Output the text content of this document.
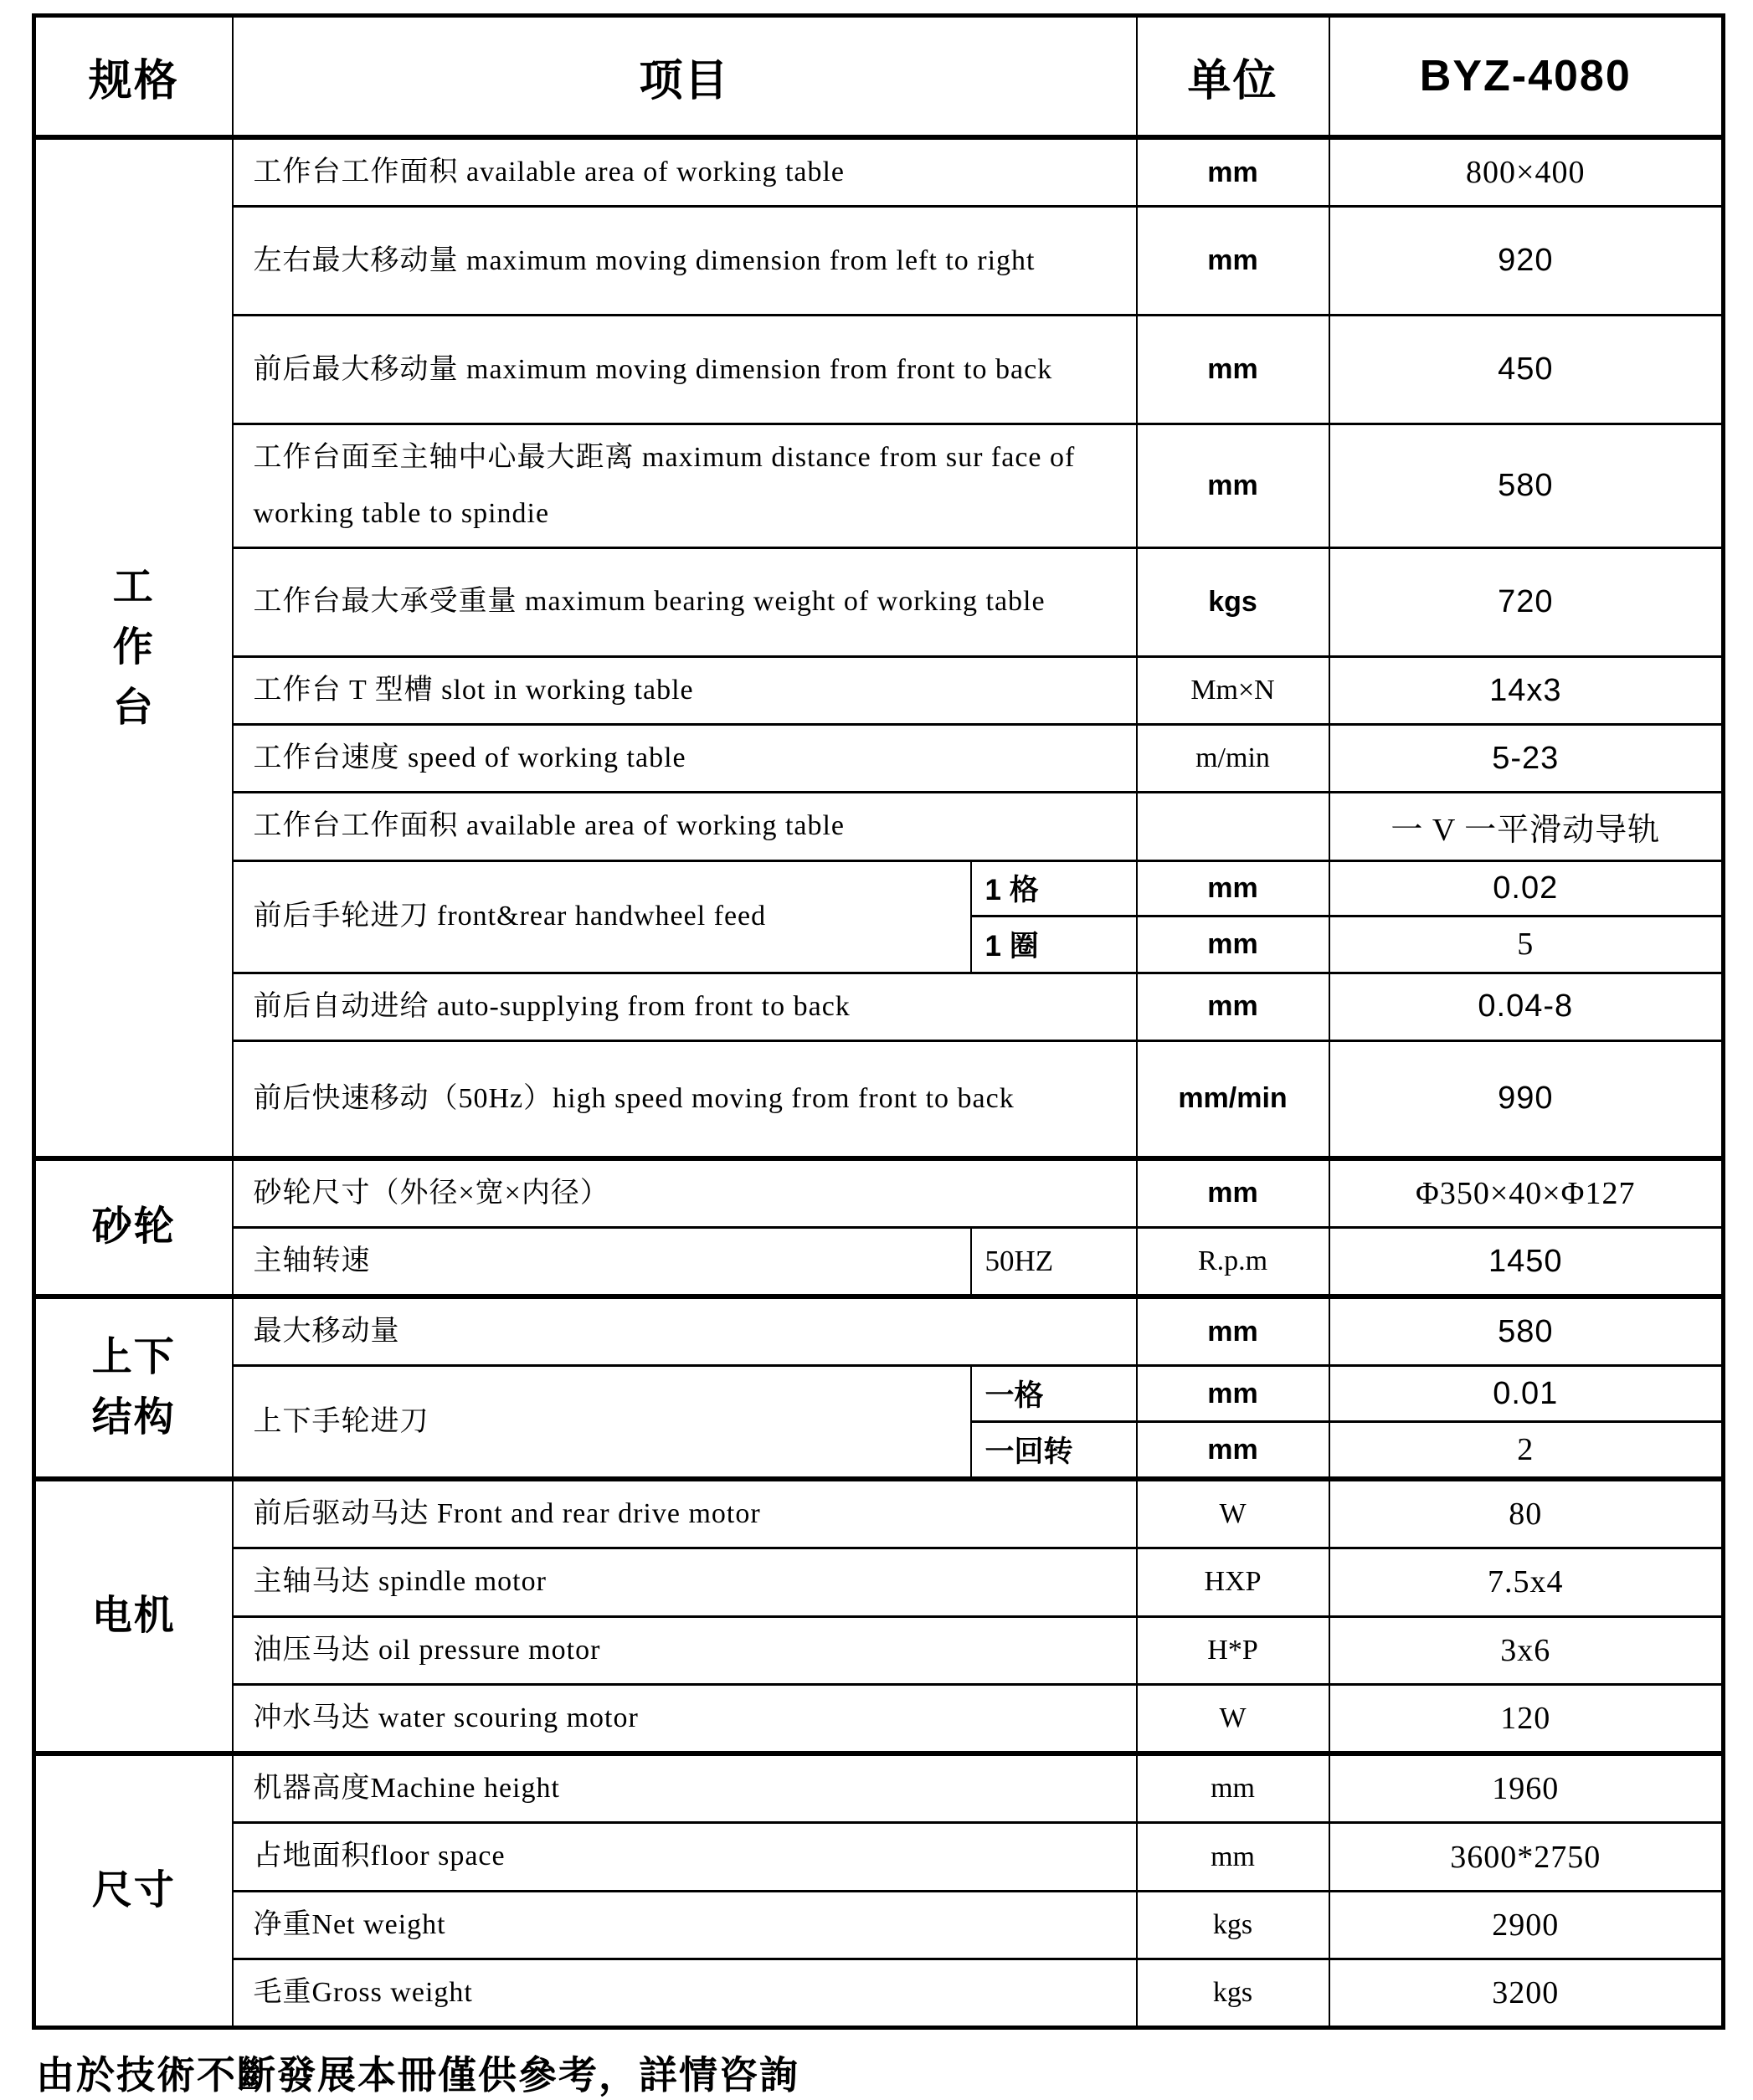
规格	项目		单位	BYZ-4080

工
作
台	工作台工作面积 available area of working table		mm	800×400
	左右最大移动量 maximum moving dimension from left to right		mm	920
	前后最大移动量 maximum moving dimension from front to back		mm	450
	工作台面至主轴中心最大距离 maximum distance from sur face of working table to spindie		mm	580
	工作台最大承受重量 maximum bearing weight of working table		kgs	720
	工作台 T 型槽 slot in working table		Mm×N	14x3
	工作台速度 speed of working table		m/min	5-23
	工作台工作面积 available area of working table			一 V 一平滑动导轨
	前后手轮进刀 front&rear handwheel feed	1 格	mm	0.02
		1 圈	mm	5
	前后自动进给 auto-supplying from front to back		mm	0.04-8
	前后快速移动（50Hz）high speed moving from front to back		mm/min	990

砂轮	砂轮尺寸（外径×宽×内径）		mm	Φ350×40×Φ127
	主轴转速	50HZ	R.p.m	1450

上下
结构	最大移动量		mm	580
	上下手轮进刀	一格	mm	0.01
		一回转	mm	2

电机	前后驱动马达 Front and rear drive motor		W	80
	主轴马达 spindle motor		HXP	7.5x4
	油压马达 oil pressure motor		H*P	3x6
	冲水马达 water scouring motor		W	120

尺寸	机器高度Machine height		mm	1960
	占地面积floor space		mm	3600*2750
	净重Net weight		kgs	2900
	毛重Gross weight		kgs	3200
由於技術不斷發展本冊僅供參考，詳情咨詢
